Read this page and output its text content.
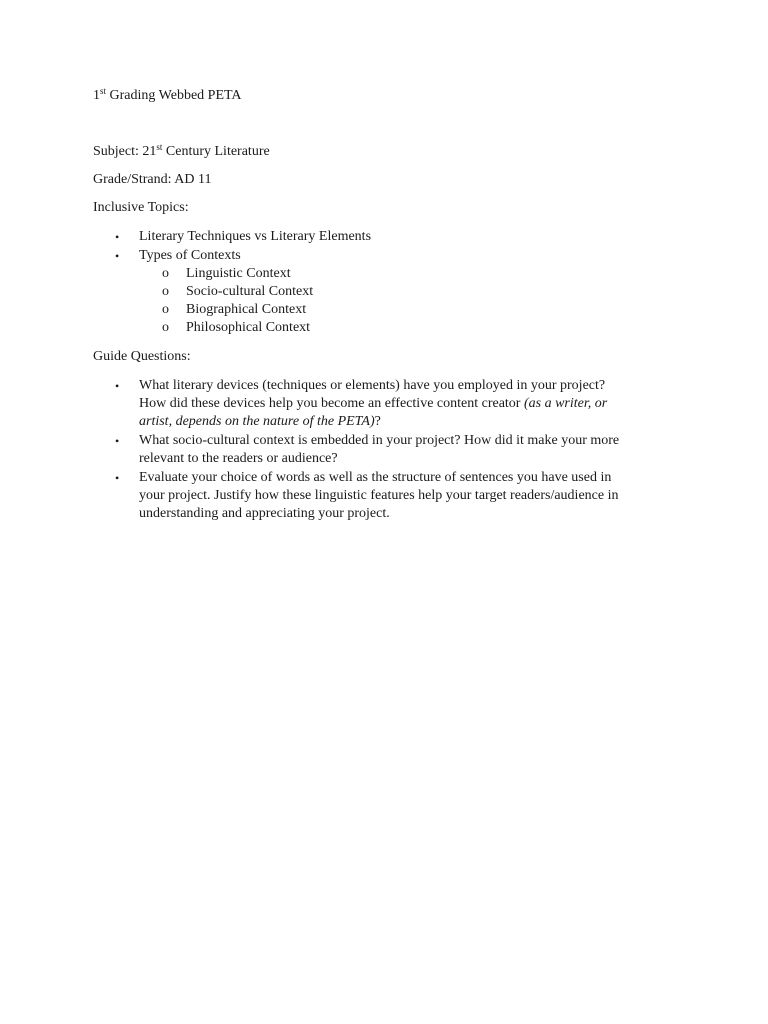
1st Grading Webbed PETA
Subject: 21st Century Literature
Grade/Strand: AD 11
Inclusive Topics:
• Literary Techniques vs Literary Elements
• Types of Contexts
o Linguistic Context
o Socio-cultural Context
o Biographical Context
o Philosophical Context
Guide Questions:
• What literary devices (techniques or elements) have you employed in your project?
How did these devices help you become an effective content creator (as a writer, or
artist, depends on the nature of the PETA)?
• What socio-cultural context is embedded in your project? How did it make your more
relevant to the readers or audience?
• Evaluate your choice of words as well as the structure of sentences you have used in
your project. Justify how these linguistic features help your target readers/audience in
understanding and appreciating your project.
